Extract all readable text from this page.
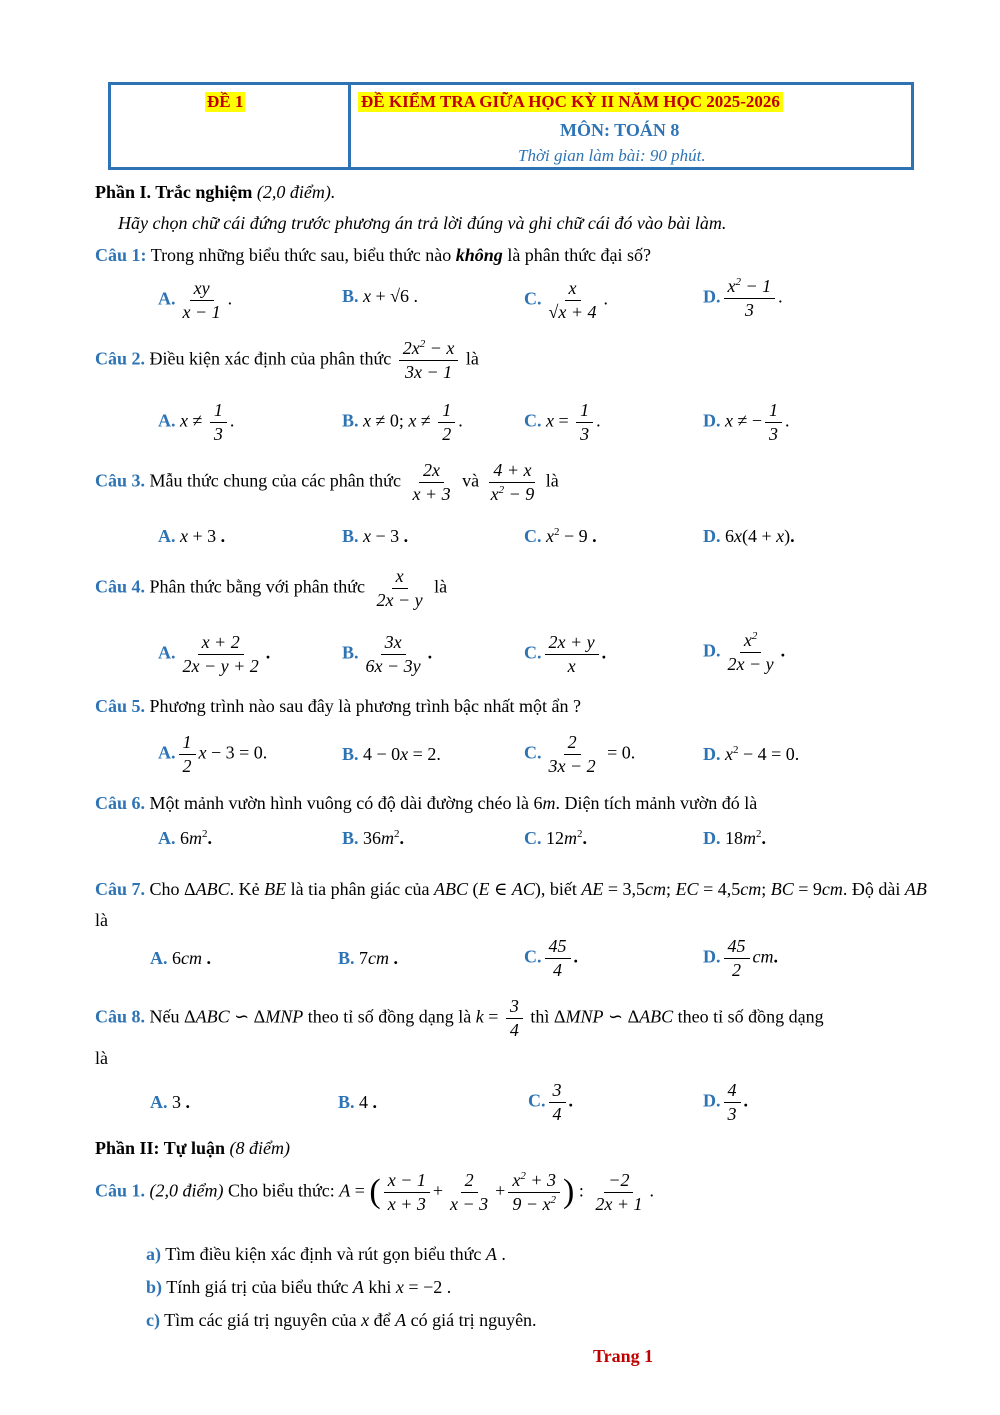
ĐỀ 1	ĐỀ KIỂM TRA GIỮA HỌC KỲ II NĂM HỌC 2025-2026
MÔN: TOÁN 8
Thời gian làm bài: 90 phút.
Phần I. Trắc nghiệm (2,0 điểm).
Hãy chọn chữ cái đứng trước phương án trả lời đúng và ghi chữ cái đó vào bài làm.
Câu 1: Trong những biểu thức sau, biểu thức nào không là phân thức đại số?
A. $\frac{xy}{x - 1}$ .	B. x + √6 .	C. $\frac{x}{√x + 4}$ .	D. $\frac{x^2 - 1}{3}$ .
Câu 2. Điều kiện xác định của phân thức $\frac{2x^2 - x}{3x - 1}$ là
A. $x \ne \frac{1}{3}$ .	B. x ≠ 0; $x \ne \frac{1}{2}$ .	C. $x = \frac{1}{3}$ .	D. x ≠ − $\frac{1}{3}$ .
Câu 3. Mẫu thức chung của các phân thức $\frac{2x}{x + 3}$ và $\frac{4 + x}{x^2 - 9}$ là
A. x + 3 .	B. x − 3 .	C. $x^2 - 9$ .	D. 6x(4 + x).
Câu 4. Phân thức bằng với phân thức $\frac{x}{2x - y}$ là
A. $\frac{x + 2}{2x - y + 2}$ .	B. $\frac{3x}{6x - 3y}$ .	C. $\frac{2x + y}{x}$ .	D. $\frac{x^2}{2x - y}$ .
Câu 5. Phương trình nào sau đây là phương trình bậc nhất một ẩn ?
A. $\frac{1}{2}$ x − 3 = 0.	B. 4 − 0x = 2.	C. $\frac{2}{3x - 2} = 0$.	D. $x^2 - 4 = 0$.
Câu 6. Một mảnh vườn hình vuông có độ dài đường chéo là 6m. Diện tích mảnh vườn đó là
A. $6m^2$.	B. $36m^2$.	C. $12m^2$.	D. $18m^2$.
Câu 7. Cho ΔABC. Kẻ BE là tia phân giác của ABC (E ∈ AC), biết AE = 3,5cm; EC = 4,5cm; BC = 9cm. Độ dài AB là
A. 6cm .	B. 7cm .	C. $\frac{45}{4}$ .	D. $\frac{45}{2}$ cm.
Câu 8. Nếu ΔABC ∽ ΔMNP theo tỉ số đồng dạng là $k = \frac{3}{4}$ thì ΔMNP ∽ ΔABC theo tỉ số đồng dạng
là
A. 3 .	B. 4 .	C. $\frac{3}{4}$ .	D. $\frac{4}{3}$ .
Phần II: Tự luận (8 điểm)
Câu 1. (2,0 điểm) Cho biểu thức: A = ( $\frac{x - 1}{x + 3} + \frac{2}{x - 3} + \frac{x^2 + 3}{9 - x^2}$ ) : $\frac{-2}{2x + 1}$ .
a) Tìm điều kiện xác định và rút gọn biểu thức A .
b) Tính giá trị của biểu thức A khi x = −2 .
c) Tìm các giá trị nguyên của x để A có giá trị nguyên.
Trang 1
